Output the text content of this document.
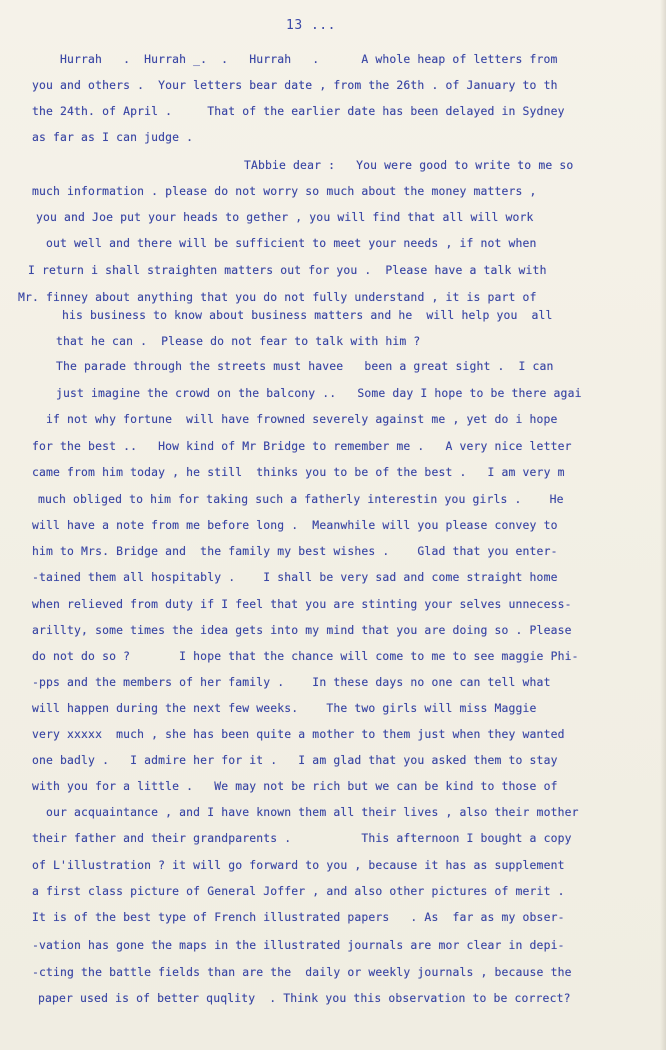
13 ...
Hurrah   .  Hurrah _.  .   Hurrah   .      A whole heap of letters from
you and others .  Your letters bear date , from the 26th . of January to th
the 24th. of April .     That of the earlier date has been delayed in Sydney
as far as I can judge .
TAbbie dear :   You were good to write to me so
much information . please do not worry so much about the money matters ,
you and Joe put your heads to gether , you will find that all will work
out well and there will be sufficient to meet your needs , if not when
I return i shall straighten matters out for you .  Please have a talk with
Mr. finney about anything that you do not fully understand , it is part of
his business to know about business matters and he  will help you  all
that he can .  Please do not fear to talk with him ?
The parade through the streets must havee   been a great sight .  I can
just imagine the crowd on the balcony ..   Some day I hope to be there agai
if not why fortune  will have frowned severely against me , yet do i hope
for the best ..   How kind of Mr Bridge to remember me .   A very nice letter
came from him today , he still  thinks you to be of the best .   I am very m
much obliged to him for taking such a fatherly interestin you girls .    He
will have a note from me before long .  Meanwhile will you please convey to
him to Mrs. Bridge and  the family my best wishes .    Glad that you enter-
-tained them all hospitably .    I shall be very sad and come straight home
when relieved from duty if I feel that you are stinting your selves unnecess-
arillty, some times the idea gets into my mind that you are doing so . Please
do not do so ?       I hope that the chance will come to me to see maggie Phi-
-pps and the members of her family .    In these days no one can tell what
will happen during the next few weeks.    The two girls will miss Maggie
very xxxxx  much , she has been quite a mother to them just when they wanted
one badly .   I admire her for it .   I am glad that you asked them to stay
with you for a little .   We may not be rich but we can be kind to those of
our acquaintance , and I have known them all their lives , also their mother
their father and their grandparents .          This afternoon I bought a copy
of L'illustration ? it will go forward to you , because it has as supplement
a first class picture of General Joffer , and also other pictures of merit .
It is of the best type of French illustrated papers   . As  far as my obser-
-vation has gone the maps in the illustrated journals are mor clear in depi-
-cting the battle fields than are the  daily or weekly journals , because the
paper used is of better quqlity  . Think you this observation to be correct?
